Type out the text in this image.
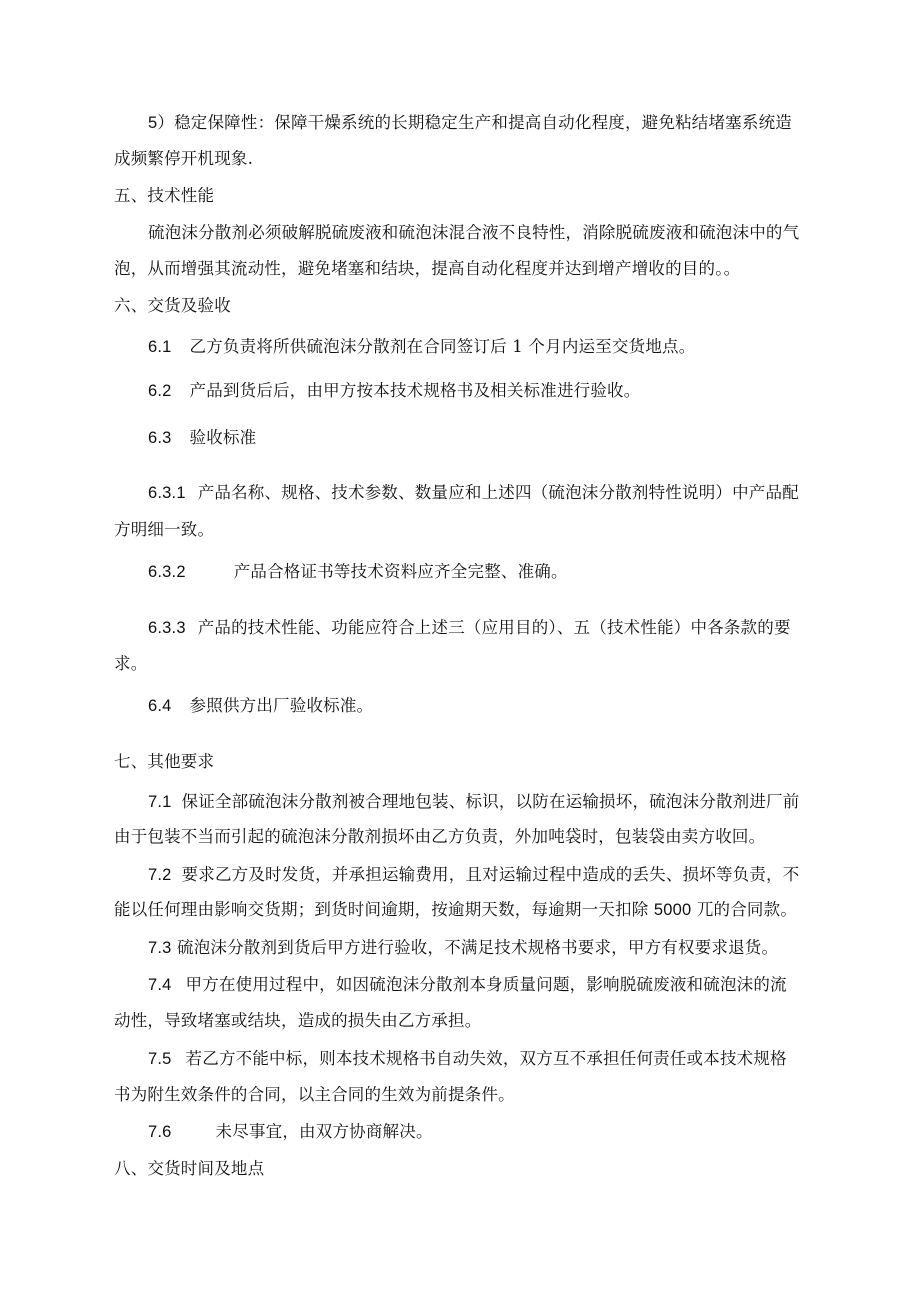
5）稳定保障性：保障干燥系统的长期稳定生产和提高自动化程度，避免粘结堵塞系统造
成频繁停开机现象.
五、技术性能
硫泡沫分散剂必须破解脱硫废液和硫泡沫混合液不良特性，消除脱硫废液和硫泡沫中的气
泡，从而增强其流动性，避免堵塞和结块，提高自动化程度并达到增产增收的目的。。
六、交货及验收
6.1 乙方负责将所供硫泡沫分散剂在合同签订后 1 个月内运至交货地点。
6.2 产品到货后后，由甲方按本技术规格书及相关标准进行验收。
6.3 验收标准
6.3.1 产品名称、规格、技术参数、数量应和上述四（硫泡沫分散剂特性说明）中产品配
方明细一致。
6.3.2	产品合格证书等技术资料应齐全完整、准确。
6.3.3 产品的技术性能、功能应符合上述三（应用目的）、五（技术性能）中各条款的要
求。
6.4 参照供方出厂验收标准。
七、其他要求
7.1 保证全部硫泡沫分散剂被合理地包装、标识，以防在运输损坏，硫泡沫分散剂进厂前
由于包装不当而引起的硫泡沫分散剂损坏由乙方负责，外加吨袋时，包装袋由卖方收回。
7.2 要求乙方及时发货，并承担运输费用，且对运输过程中造成的丢失、损坏等负责，不
能以任何理由影响交货期；到货时间逾期，按逾期天数，每逾期一天扣除 5000 兀的合同款。
7.3 硫泡沫分散剂到货后甲方进行验收，不满足技术规格书要求，甲方有权要求退货。
7.4 甲方在使用过程中，如因硫泡沫分散剂本身质量问题，影响脱硫废液和硫泡沫的流
动性，导致堵塞或结块，造成的损失由乙方承担。
7.5 若乙方不能中标，则本技术规格书自动失效，双方互不承担任何责任或本技术规格
书为附生效条件的合同，以主合同的生效为前提条件。
7.6	未尽事宜，由双方协商解决。
八、交货时间及地点
